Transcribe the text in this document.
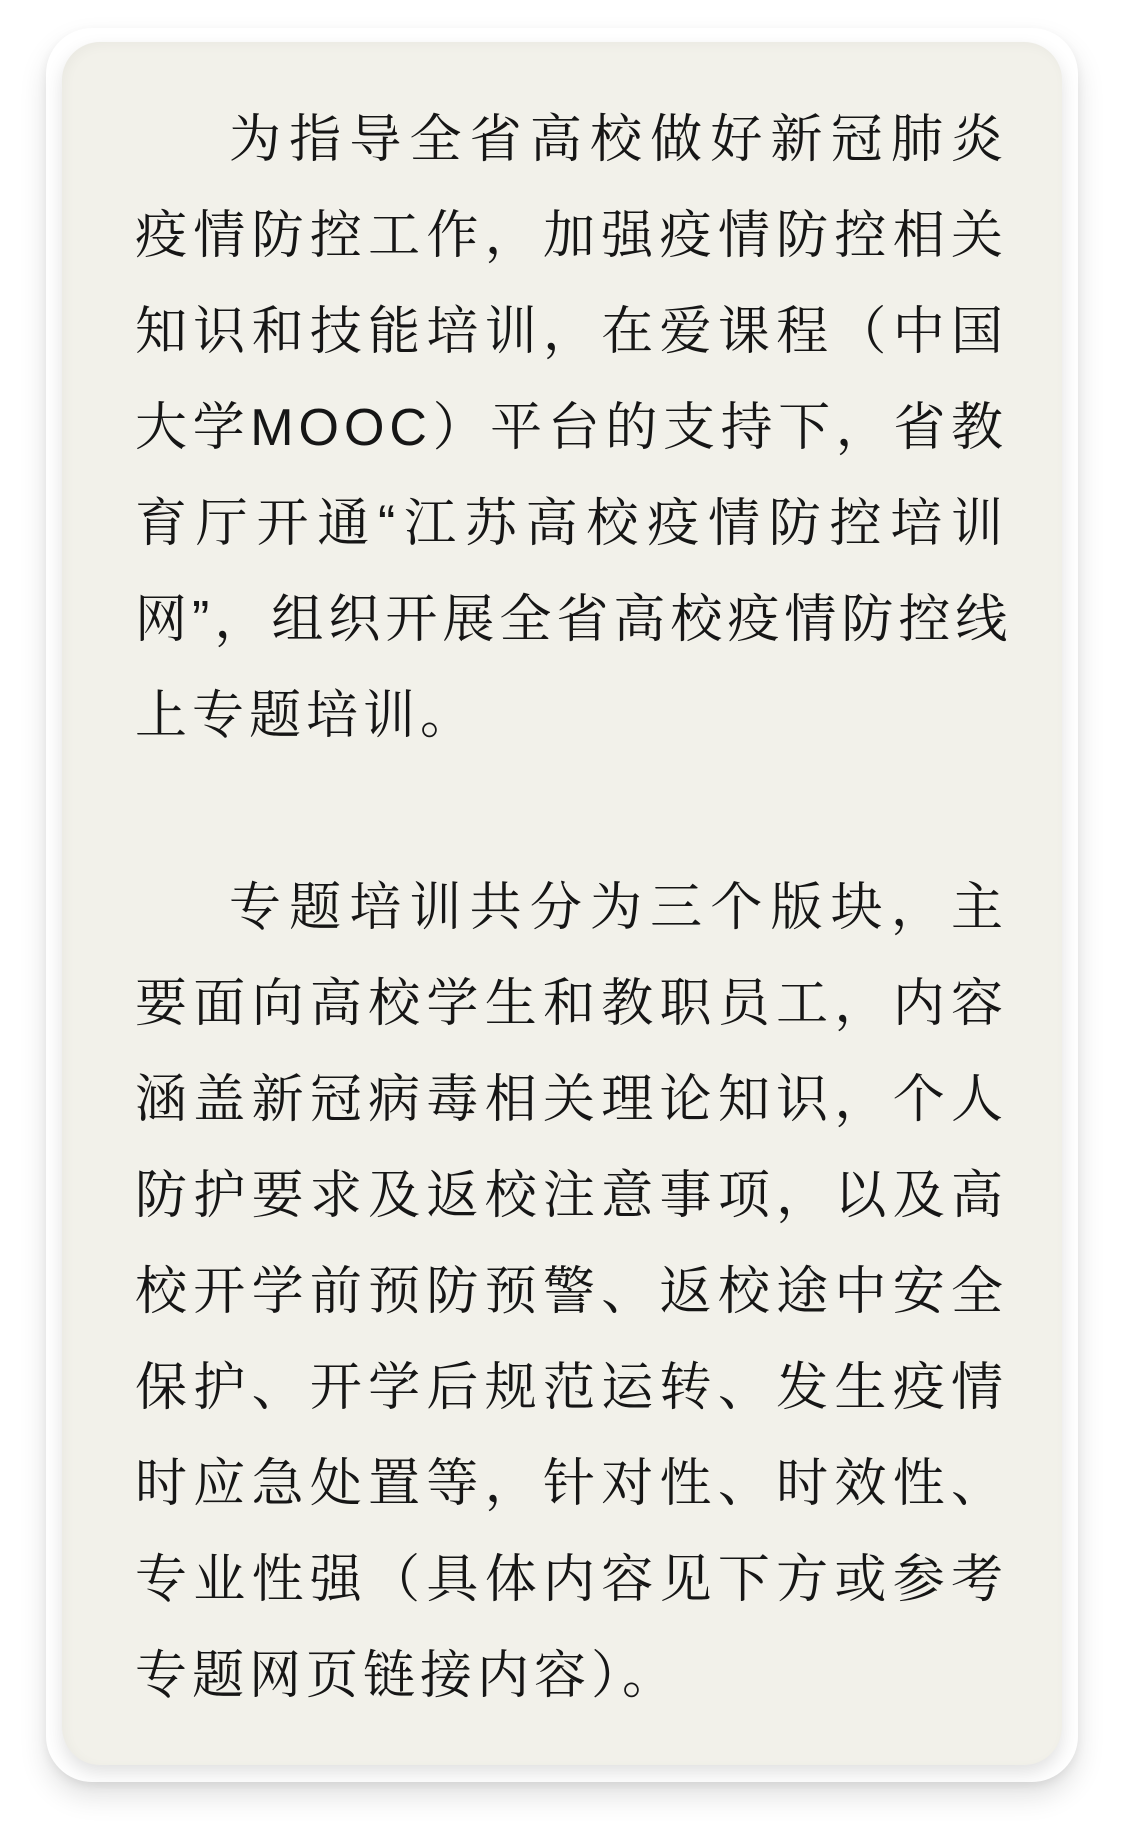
为指导全省高校做好新冠肺炎
疫情防控工作，加强疫情防控相关
知识和技能培训，在爱课程（中国
大学MOOC）平台的支持下，省教
育厅开通“江苏高校疫情防控培训
网”，组织开展全省高校疫情防控线
上专题培训。
专题培训共分为三个版块，主
要面向高校学生和教职员工，内容
涵盖新冠病毒相关理论知识，个人
防护要求及返校注意事项，以及高
校开学前预防预警、返校途中安全
保护、开学后规范运转、发生疫情
时应急处置等，针对性、时效性、
专业性强（具体内容见下方或参考
专题网页链接内容）。
